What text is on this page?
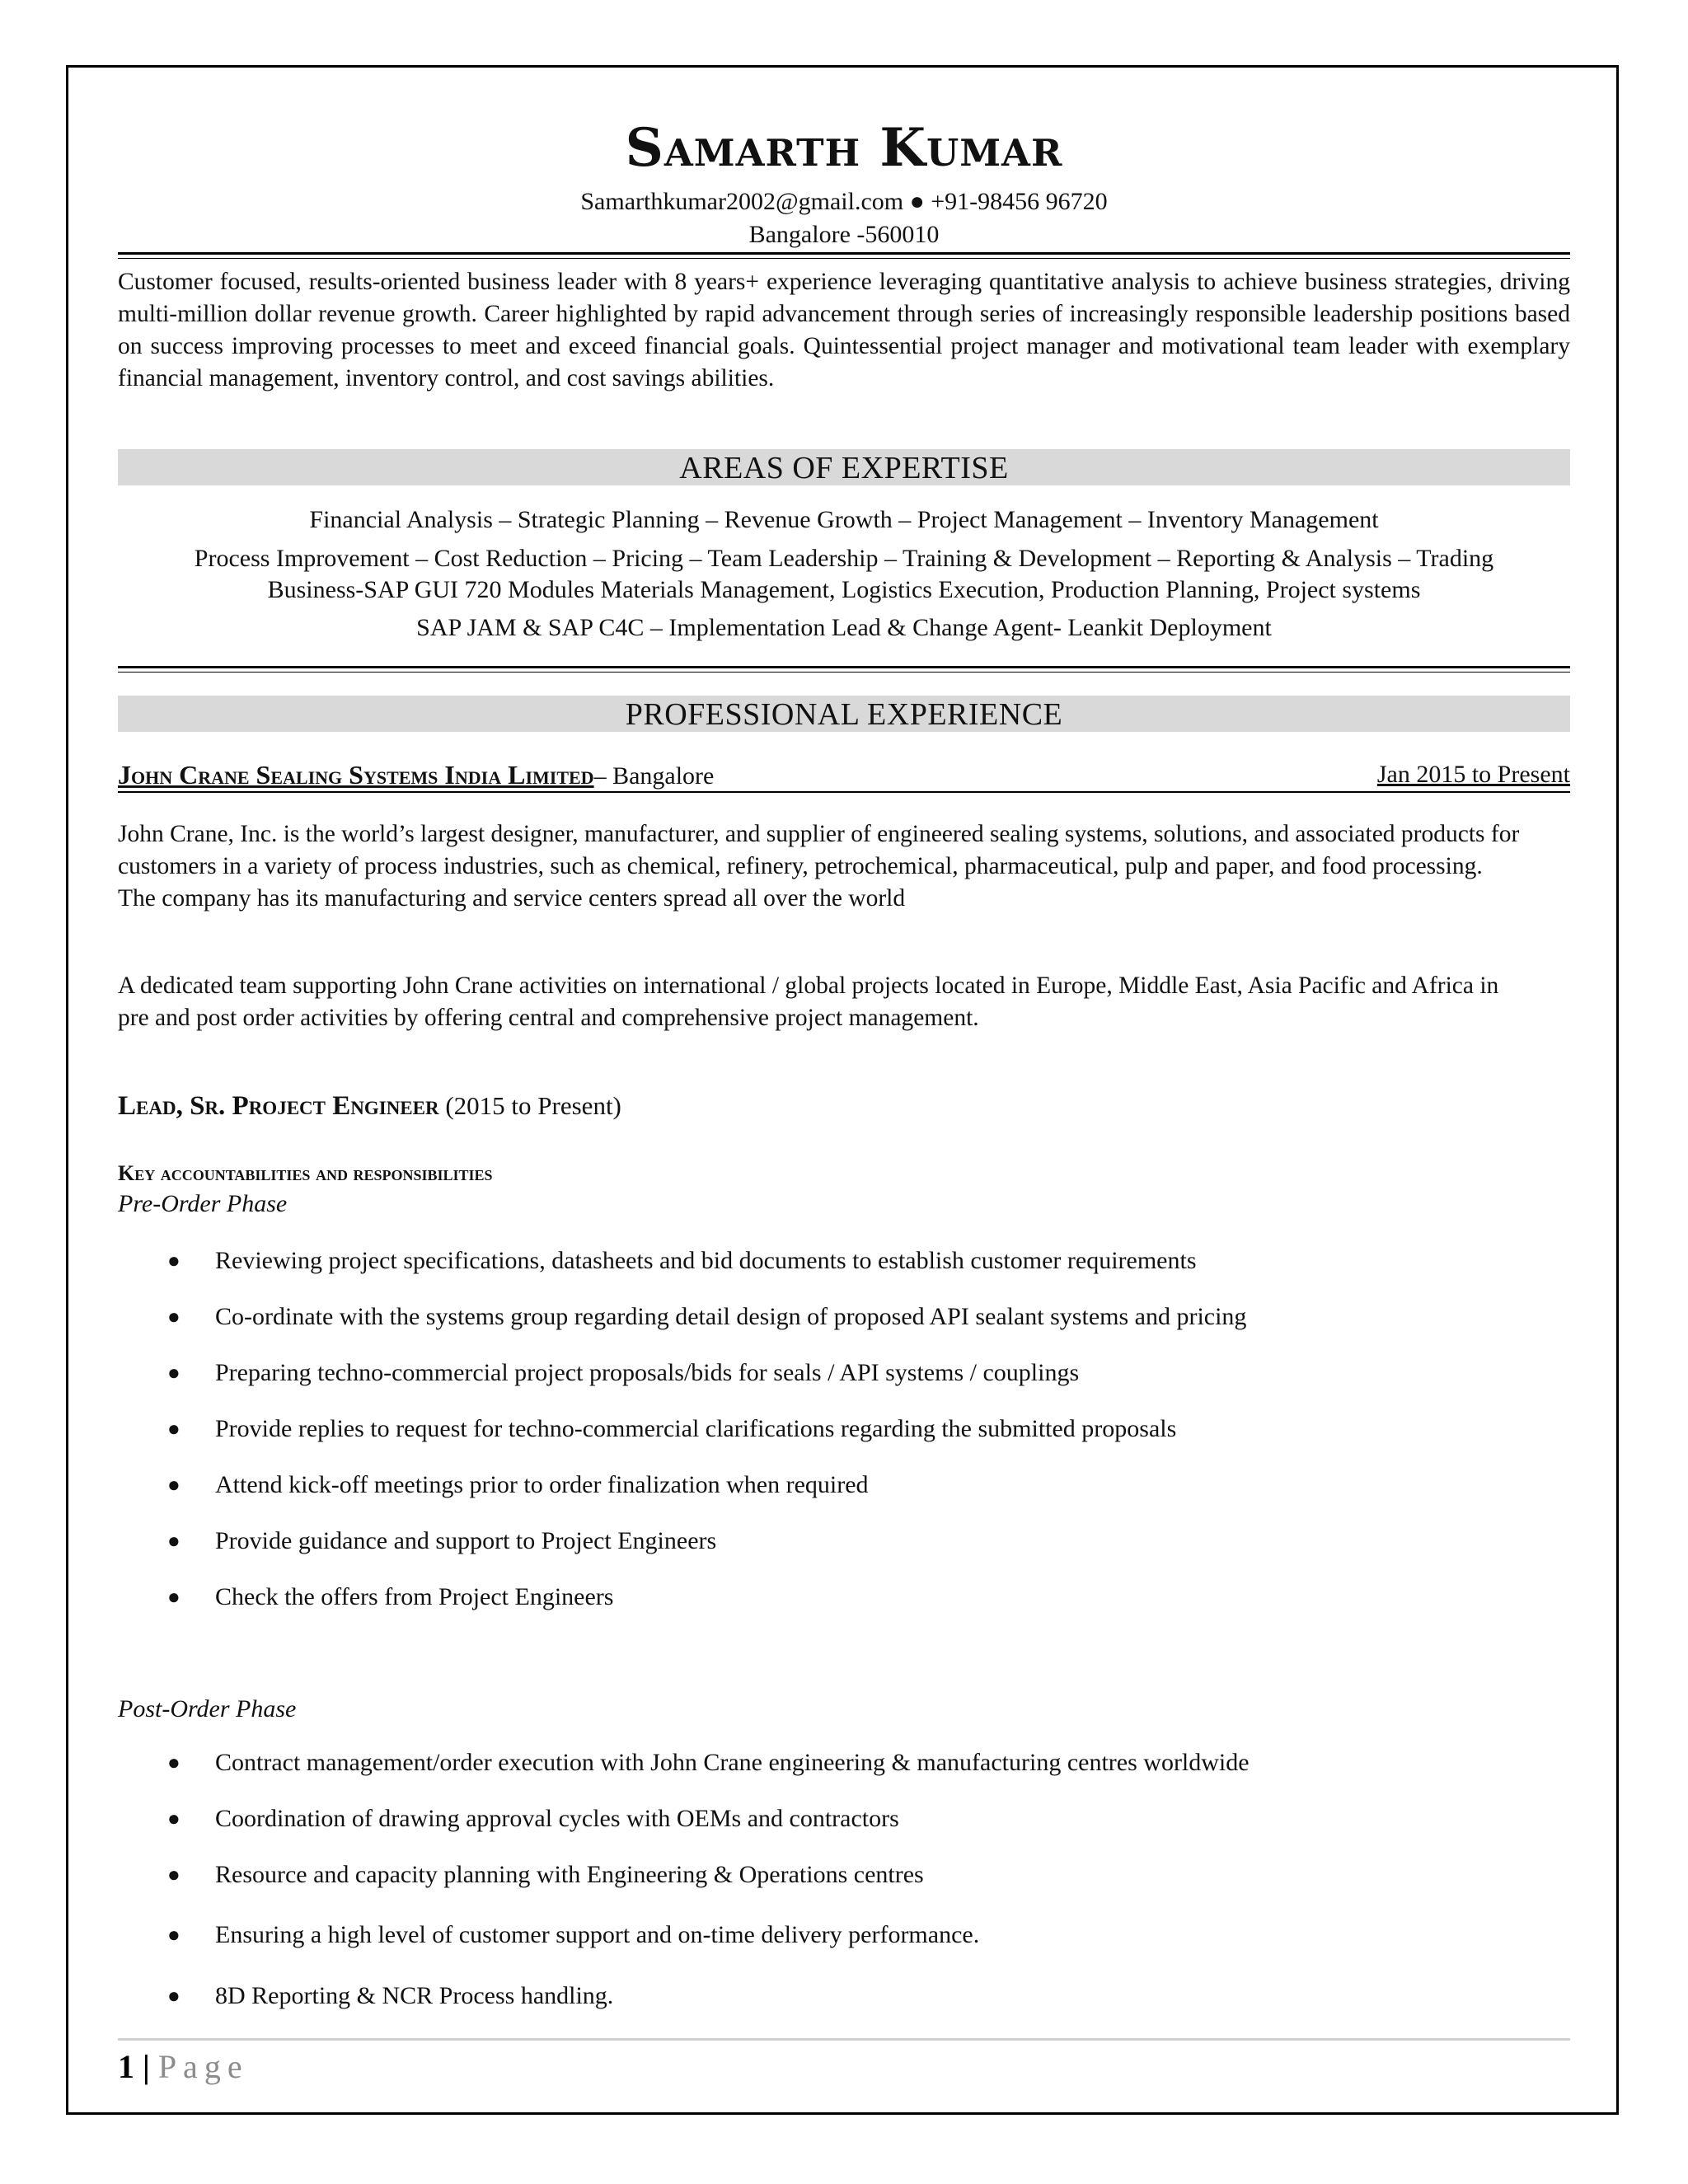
Samarth Kumar
Samarthkumar2002@gmail.com ● +91-98456 96720
Bangalore -560010
Customer focused, results-oriented business leader with 8 years+ experience leveraging quantitative analysis to achieve business strategies, driving multi-million dollar revenue growth. Career highlighted by rapid advancement through series of increasingly responsible leadership positions based on success improving processes to meet and exceed financial goals. Quintessential project manager and motivational team leader with exemplary financial management, inventory control, and cost savings abilities.
AREAS OF EXPERTISE
Financial Analysis – Strategic Planning – Revenue Growth – Project Management – Inventory Management
Process Improvement – Cost Reduction – Pricing – Team Leadership – Training & Development – Reporting & Analysis – Trading
Business-SAP GUI 720 Modules Materials Management, Logistics Execution, Production Planning, Project systems
SAP JAM & SAP C4C – Implementation Lead & Change Agent- Leankit Deployment
PROFESSIONAL EXPERIENCE
John Crane Sealing Systems India Limited– Bangalore	Jan 2015 to Present
John Crane, Inc. is the world’s largest designer, manufacturer, and supplier of engineered sealing systems, solutions, and associated products for customers in a variety of process industries, such as chemical, refinery, petrochemical, pharmaceutical, pulp and paper, and food processing. The company has its manufacturing and service centers spread all over the world
A dedicated team supporting John Crane activities on international / global projects located in Europe, Middle East, Asia Pacific and Africa in pre and post order activities by offering central and comprehensive project management.
Lead, Sr. Project Engineer (2015 to Present)
Key accountabilities and responsibilities
Pre-Order Phase
●	Reviewing project specifications, datasheets and bid documents to establish customer requirements
●	Co-ordinate with the systems group regarding detail design of proposed API sealant systems and pricing
●	Preparing techno-commercial project proposals/bids for seals / API systems / couplings
●	Provide replies to request for techno-commercial clarifications regarding the submitted proposals
●	Attend kick-off meetings prior to order finalization when required
●	Provide guidance and support to Project Engineers
●	Check the offers from Project Engineers
Post-Order Phase
●	Contract management/order execution with John Crane engineering & manufacturing centres worldwide
●	Coordination of drawing approval cycles with OEMs and contractors
●	Resource and capacity planning with Engineering & Operations centres
●	Ensuring a high level of customer support and on-time delivery performance.
●	8D Reporting & NCR Process handling.
1 | Page
